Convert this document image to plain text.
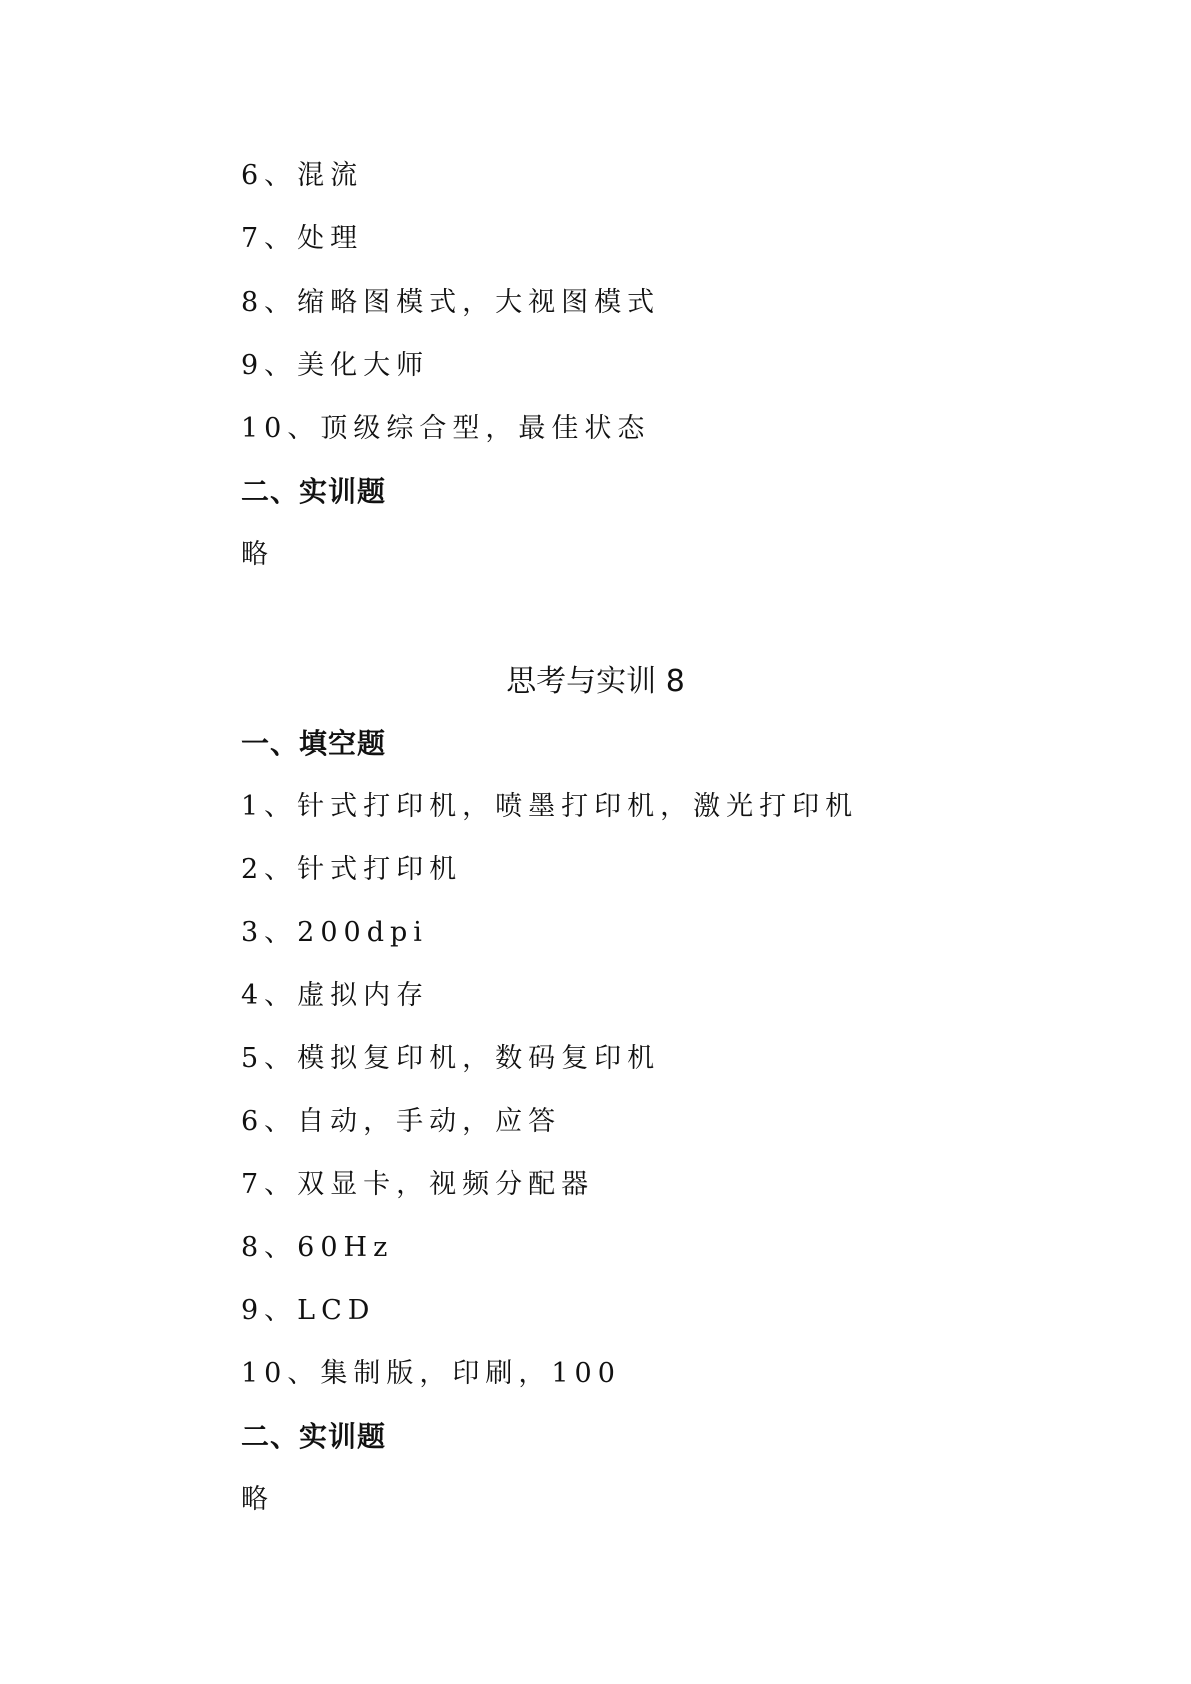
6、混流
7、处理
8、缩略图模式，大视图模式
9、美化大师
10、顶级综合型，最佳状态
二、实训题
略
思考与实训 8
一、填空题
1、针式打印机，喷墨打印机，激光打印机
2、针式打印机
3、200dpi
4、虚拟内存
5、模拟复印机，数码复印机
6、自动，手动，应答
7、双显卡，视频分配器
8、60Hz
9、LCD
10、集制版，印刷，100
二、实训题
略
